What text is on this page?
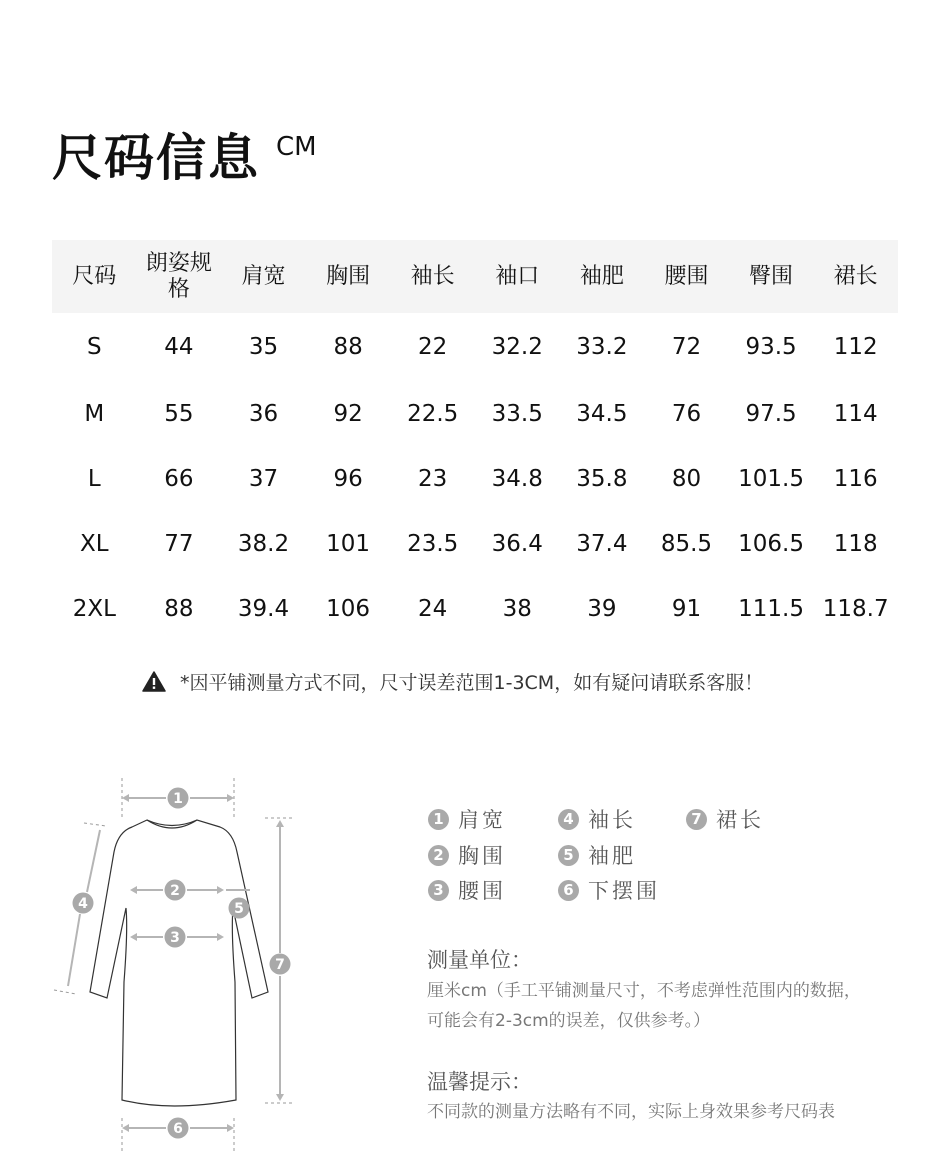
尺码信息 CM
尺码	朗姿规格	肩宽	胸围	袖长	袖口	袖肥	腰围	臀围	裙长
S	44	35	88	22	32.2	33.2	72	93.5	112
M	55	36	92	22.5	33.5	34.5	76	97.5	114
L	66	37	96	23	34.8	35.8	80	101.5	116
XL	77	38.2	101	23.5	36.4	37.4	85.5	106.5	118
2XL	88	39.4	106	24	38	39	91	111.5	118.7
*因平铺测量方式不同，尺寸误差范围1-3CM，如有疑问请联系客服！
1
2
3
4	5
6
7
1 肩宽
2 胸围
3 腰围
4 袖长
5 袖肥
6 下摆围
7 裙长
测量单位：
厘米cm（手工平铺测量尺寸，不考虑弹性范围内的数据，
可能会有2-3cm的误差，仅供参考。）
温馨提示：
不同款的测量方法略有不同，实际上身效果参考尺码表
